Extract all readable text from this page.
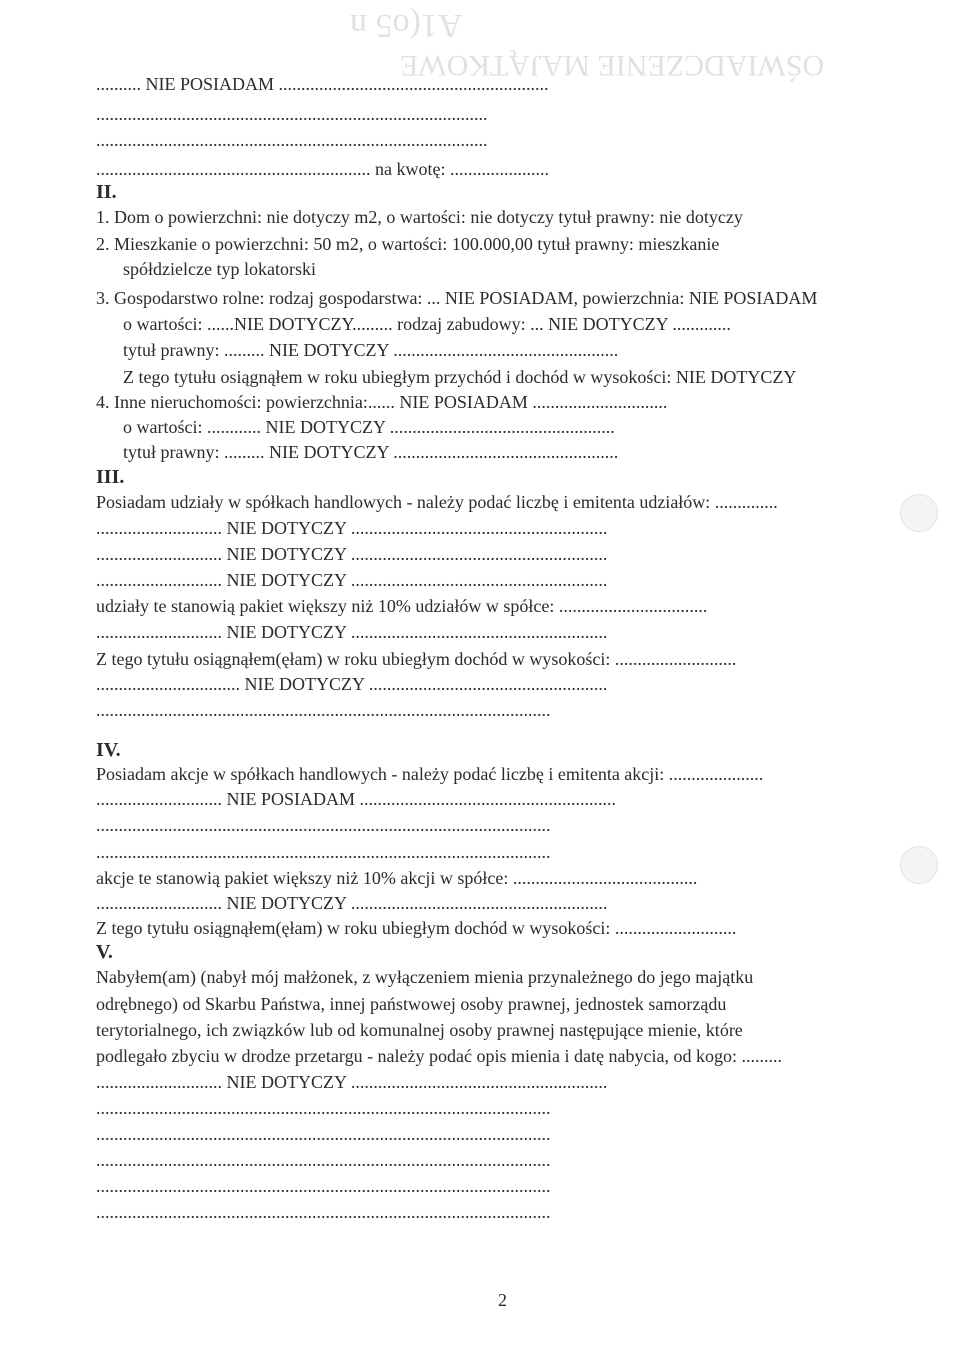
OŚWIADCZENIE MAJĄTKOWE
A1(o5 n
.......... NIE POSIADAM ............................................................
.......................................................................................
.......................................................................................
............................................................. na kwotę: ......................
II.
1. Dom o powierzchni: nie dotyczy m2, o wartości: nie dotyczy tytuł prawny: nie dotyczy
2. Mieszkanie o powierzchni: 50 m2, o wartości: 100.000,00 tytuł prawny: mieszkanie
spółdzielcze typ lokatorski
3. Gospodarstwo rolne: rodzaj gospodarstwa: ... NIE POSIADAM, powierzchnia: NIE POSIADAM
o wartości: ......NIE DOTYCZY......... rodzaj zabudowy: ... NIE DOTYCZY .............
tytuł prawny: ......... NIE DOTYCZY ..................................................
Z tego tytułu osiągnąłem w roku ubiegłym przychód i dochód w wysokości: NIE DOTYCZY
4. Inne nieruchomości: powierzchnia:...... NIE POSIADAM ..............................
o wartości: ............ NIE DOTYCZY ..................................................
tytuł prawny: ......... NIE DOTYCZY ..................................................
III.
Posiadam udziały w spółkach handlowych - należy podać liczbę i emitenta udziałów: ..............
............................ NIE DOTYCZY .........................................................
............................ NIE DOTYCZY .........................................................
............................ NIE DOTYCZY .........................................................
udziały te stanowią pakiet większy niż 10% udziałów w spółce: .................................
............................ NIE DOTYCZY .........................................................
Z tego tytułu osiągnąłem(ęłam) w roku ubiegłym dochód w wysokości: ...........................
................................ NIE DOTYCZY .....................................................
.....................................................................................................
IV.
Posiadam akcje w spółkach handlowych - należy podać liczbę i emitenta akcji: .....................
............................ NIE POSIADAM .........................................................
.....................................................................................................
.....................................................................................................
akcje te stanowią pakiet większy niż 10% akcji w spółce: .........................................
............................ NIE DOTYCZY .........................................................
Z tego tytułu osiągnąłem(ęłam) w roku ubiegłym dochód w wysokości: ...........................
V.
Nabyłem(am) (nabył mój małżonek, z wyłączeniem mienia przynależnego do jego majątku
odrębnego) od Skarbu Państwa, innej państwowej osoby prawnej, jednostek samorządu
terytorialnego, ich związków lub od komunalnej osoby prawnej następujące mienie, które
podlegało zbyciu w drodze przetargu - należy podać opis mienia i datę nabycia, od kogo: .........
............................ NIE DOTYCZY .........................................................
.....................................................................................................
.....................................................................................................
.....................................................................................................
.....................................................................................................
.....................................................................................................
2
